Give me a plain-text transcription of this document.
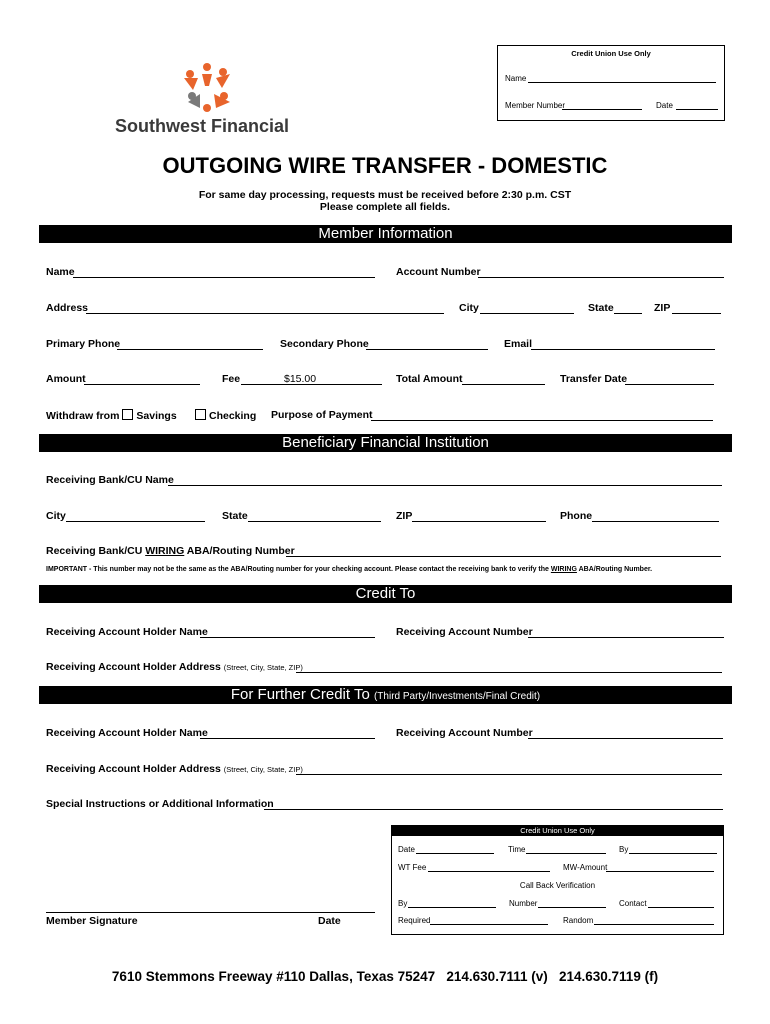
Credit Union Use Only
Name
Member Number	Date
Southwest Financial
OUTGOING WIRE TRANSFER - DOMESTIC
For same day processing, requests must be received before 2:30 p.m. CST
Please complete all fields.
Member Information
Name	Account Number
Address	City	State	ZIP
Primary Phone	Secondary Phone	Email
Amount	Fee	$15.00	Total Amount	Transfer Date
Withdraw from Savings	Checking Purpose of Payment
Beneficiary Financial Institution
Receiving Bank/CU Name
City	State	ZIP	Phone
Receiving Bank/CU WIRING ABA/Routing Number
IMPORTANT - This number may not be the same as the ABA/Routing number for your checking account. Please contact the receiving bank to verify the WIRING ABA/Routing Number.
Credit To
Receiving Account Holder Name	Receiving Account Number
Receiving Account Holder Address (Street, City, State, ZIP)
For Further Credit To (Third Party/Investments/Final Credit)
Receiving Account Holder Name	Receiving Account Number
Receiving Account Holder Address (Street, City, State, ZIP)
Special Instructions or Additional Information
Member Signature	Date
Credit Union Use Only
Date	Time	By
WT Fee	MW-Amount
Call Back Verification
By	Number	Contact
Required	Random
7610 Stemmons Freeway #110 Dallas, Texas 75247   214.630.7111 (v)   214.630.7119 (f)
